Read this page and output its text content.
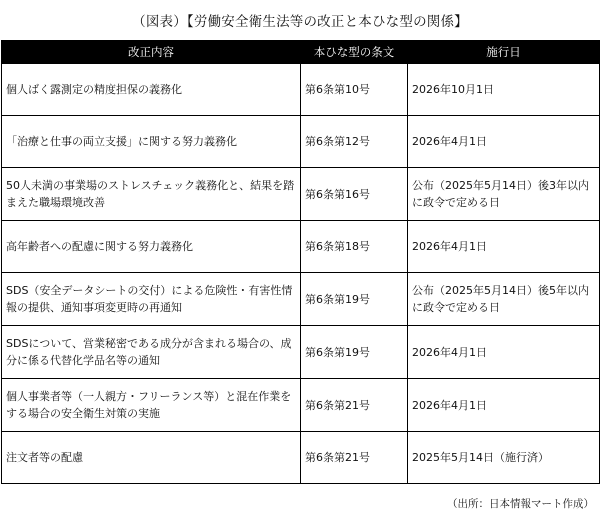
（図表）【労働安全衛生法等の改正と本ひな型の関係】
改正内容	本ひな型の条文	施行日
個人ばく露測定の精度担保の義務化	第6条第10号	2026年10月1日
「治療と仕事の両立支援」に関する努力義務化	第6条第12号	2026年4月1日
50人未満の事業場のストレスチェック義務化と、結果を踏まえた職場環境改善	第6条第16号	公布（2025年5月14日）後3年以内に政令で定める日
高年齢者への配慮に関する努力義務化	第6条第18号	2026年4月1日
SDS（安全データシートの交付）による危険性・有害性情報の提供、通知事項変更時の再通知	第6条第19号	公布（2025年5月14日）後5年以内に政令で定める日
SDSについて、営業秘密である成分が含まれる場合の、成分に係る代替化学品名等の通知	第6条第19号	2026年4月1日
個人事業者等（一人親方・フリーランス等）と混在作業をする場合の安全衛生対策の実施	第6条第21号	2026年4月1日
注文者等の配慮	第6条第21号	2025年5月14日（施行済）
（出所：日本情報マート作成）
